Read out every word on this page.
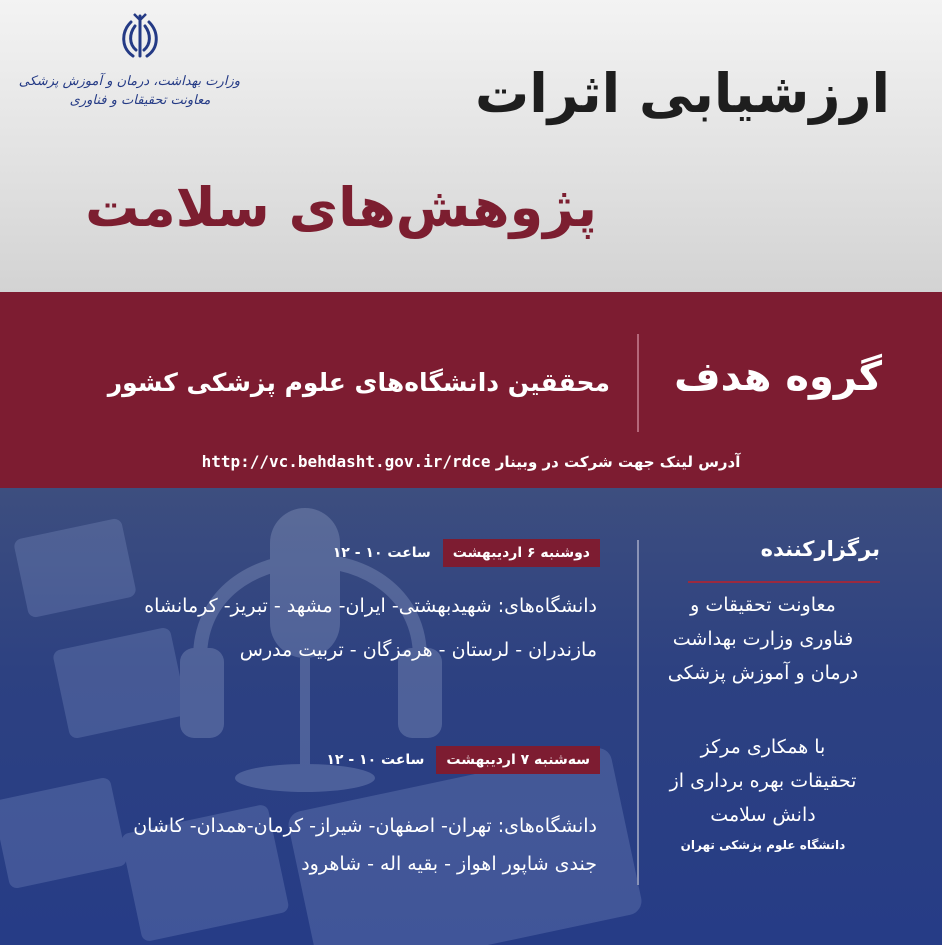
وزارت بهداشت، درمان و آموزش پزشکی
معاونت تحقیقات و فناوری	ارزشیابی اثرات
پژوهش‌های سلامت
گروه هدف
محققین دانشگاه‌های علوم پزشکی کشور
آدرس لینک جهت شرکت در وبینار http://vc.behdasht.gov.ir/rdce
دوشنبه ۶ اردیبهشت
ساعت ۱۰ - ۱۲
دانشگاه‌های: شهیدبهشتی- ایران- مشهد - تبریز- کرمانشاه
مازندران - لرستان - هرمزگان - تربیت مدرس
سه‌شنبه ۷ اردیبهشت
ساعت ۱۰ - ۱۲
دانشگاه‌های: تهران- اصفهان- شیراز- کرمان-همدان- کاشان
جندی شاپور اهواز - بقیه اله - شاهرود
برگزارکننده
معاونت تحقیقات و
فناوری وزارت بهداشت
درمان و آموزش پزشکی
با همکاری مرکز
تحقیقات بهره برداری از
دانش سلامت
دانشگاه علوم پزشکی تهران
